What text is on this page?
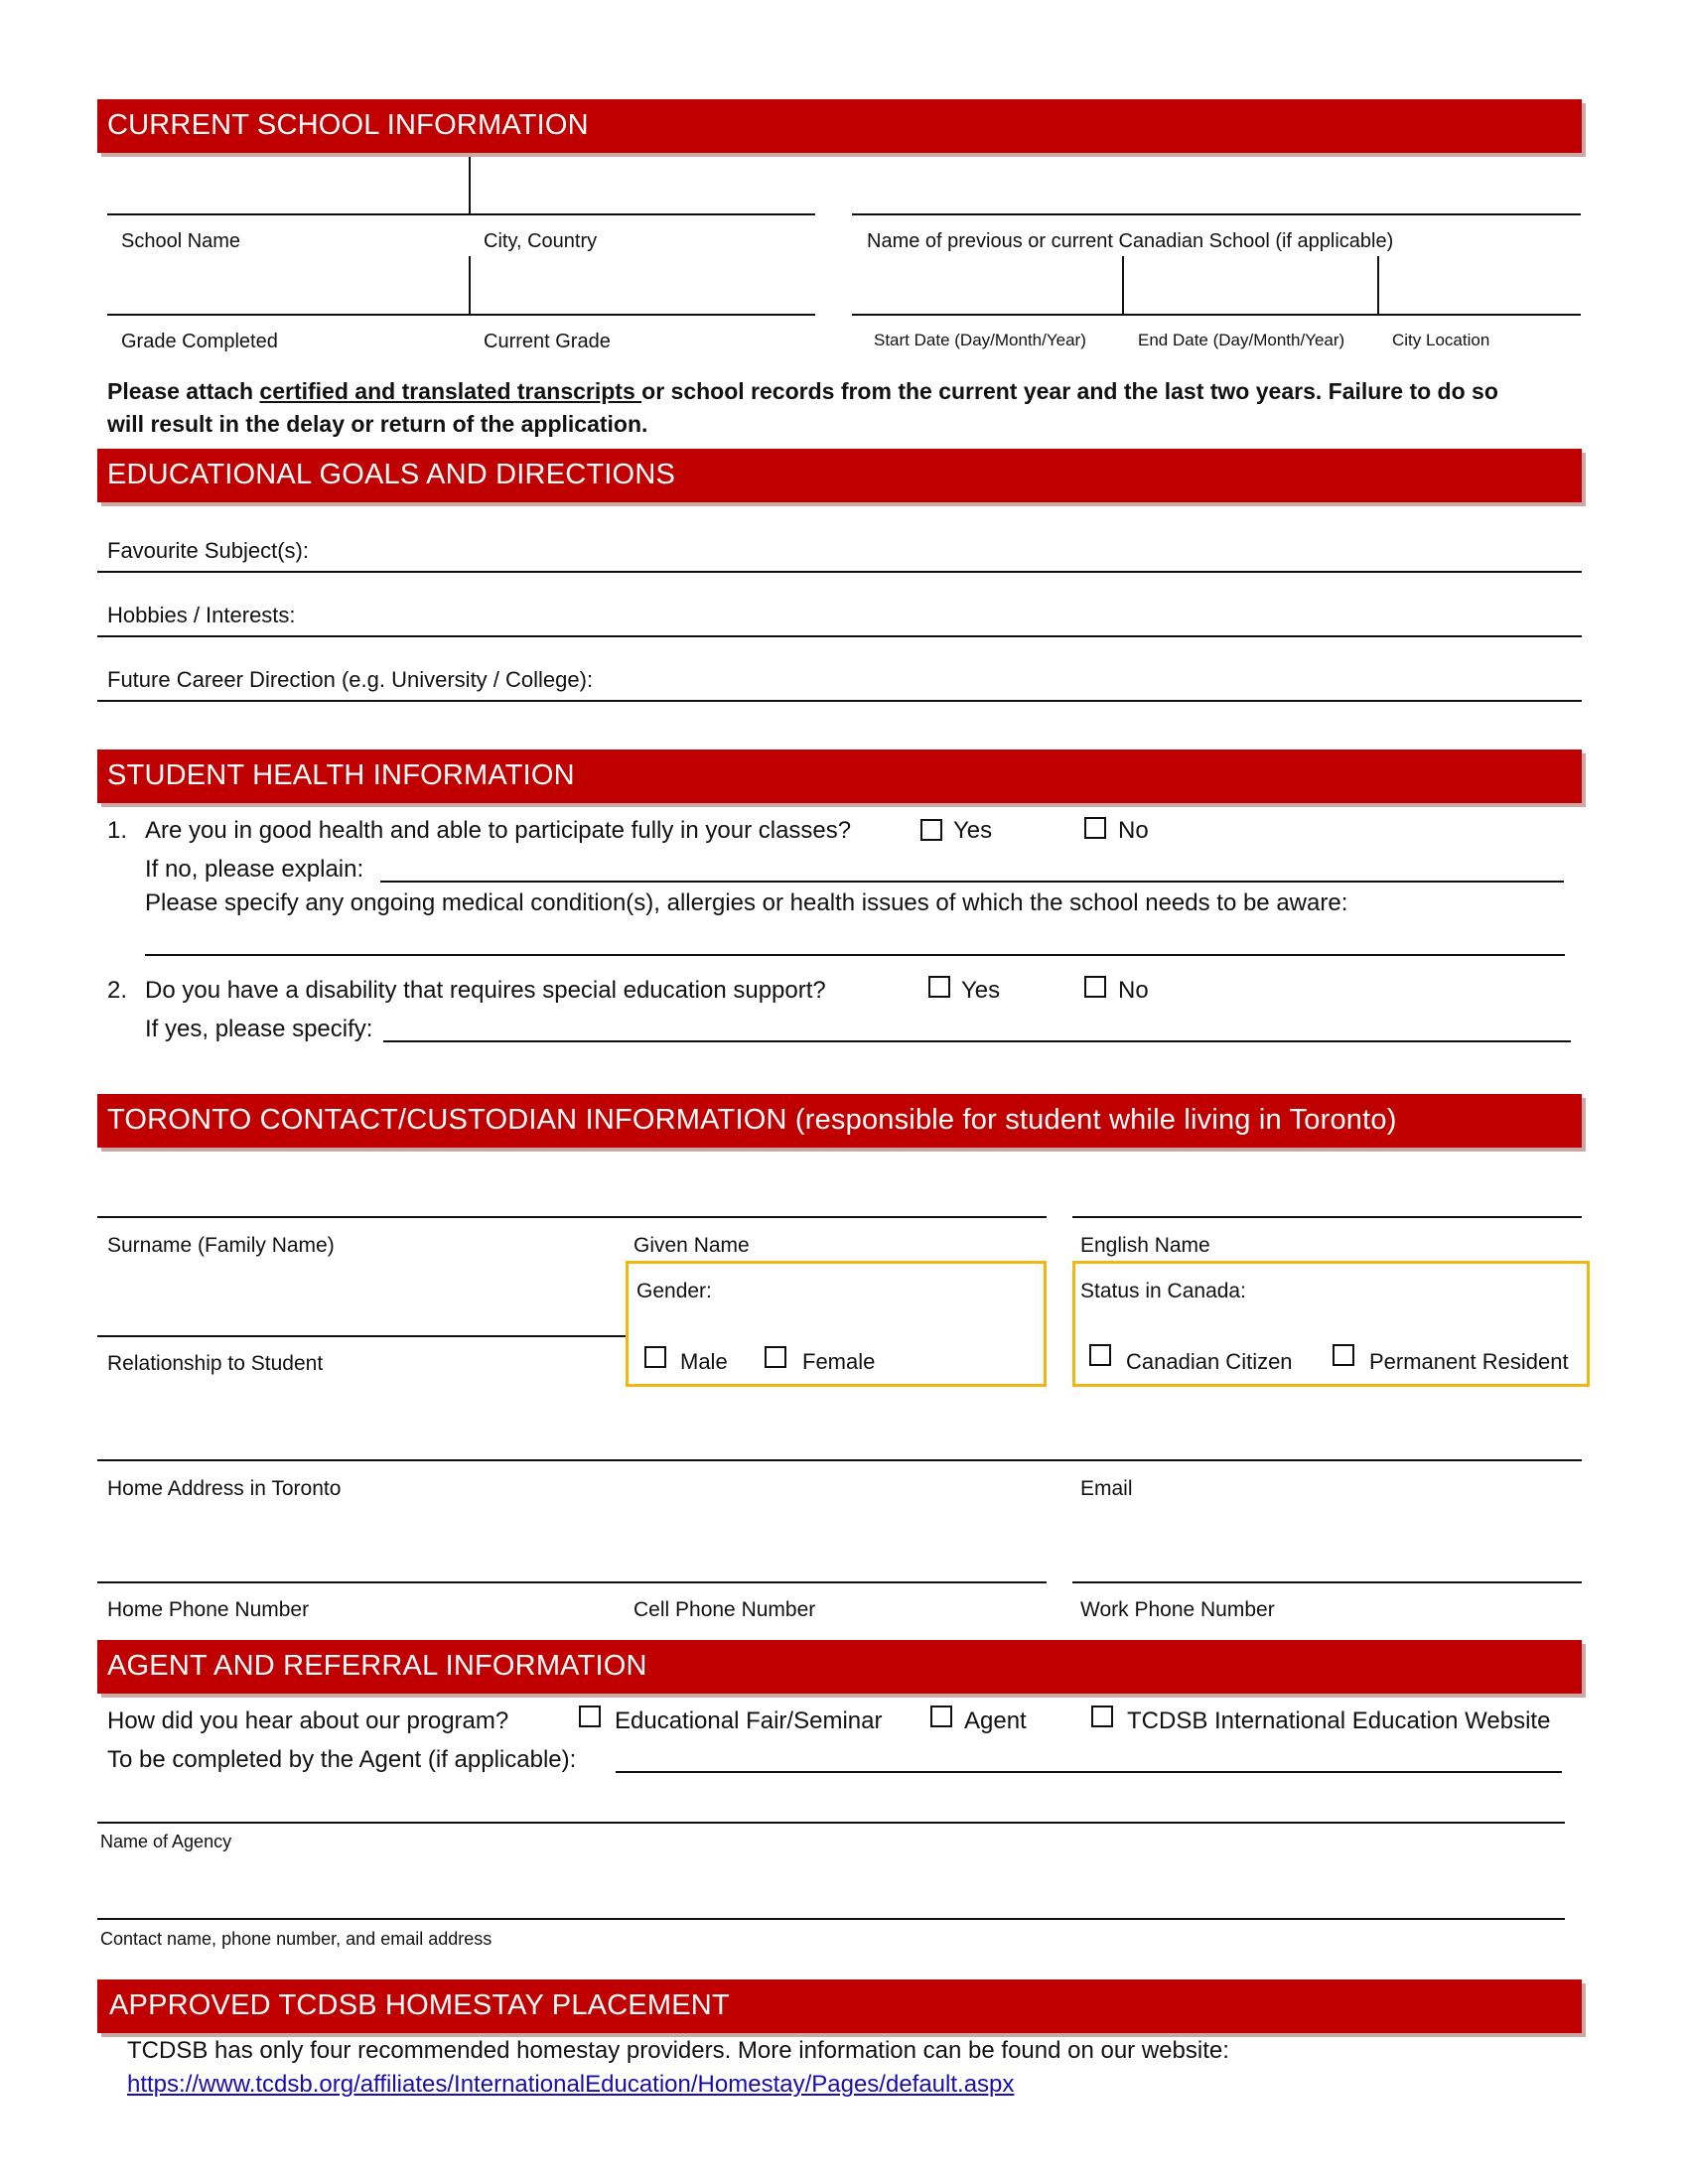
CURRENT SCHOOL INFORMATION
School Name	City, Country	Name of previous or current Canadian School (if applicable)
Grade Completed	Current Grade	Start Date (Day/Month/Year)	End Date (Day/Month/Year)	City Location
Please attach certified and translated transcripts or school records from the current year and the last two years. Failure to do so
will result in the delay or return of the application.
EDUCATIONAL GOALS AND DIRECTIONS
Favourite Subject(s):
Hobbies / Interests:
Future Career Direction (e.g. University / College):
STUDENT HEALTH INFORMATION
1. Are you in good health and able to participate fully in your classes?	Yes	No
If no, please explain:
Please specify any ongoing medical condition(s), allergies or health issues of which the school needs to be aware:
2. Do you have a disability that requires special education support?	Yes	No
If yes, please specify:
TORONTO CONTACT/CUSTODIAN INFORMATION (responsible for student while living in Toronto)
Surname (Family Name)	Given Name	English Name
Gender:
Male	Female
Status in Canada:
Canadian Citizen	Permanent Resident
Relationship to Student
Home Address in Toronto	Email
Home Phone Number	Cell Phone Number	Work Phone Number
AGENT AND REFERRAL INFORMATION
How did you hear about our program?	Educational Fair/Seminar	Agent	TCDSB International Education Website
To be completed by the Agent (if applicable):
Name of Agency
Contact name, phone number, and email address
APPROVED TCDSB HOMESTAY PLACEMENT
TCDSB has only four recommended homestay providers. More information can be found on our website:
https://www.tcdsb.org/affiliates/InternationalEducation/Homestay/Pages/default.aspx
